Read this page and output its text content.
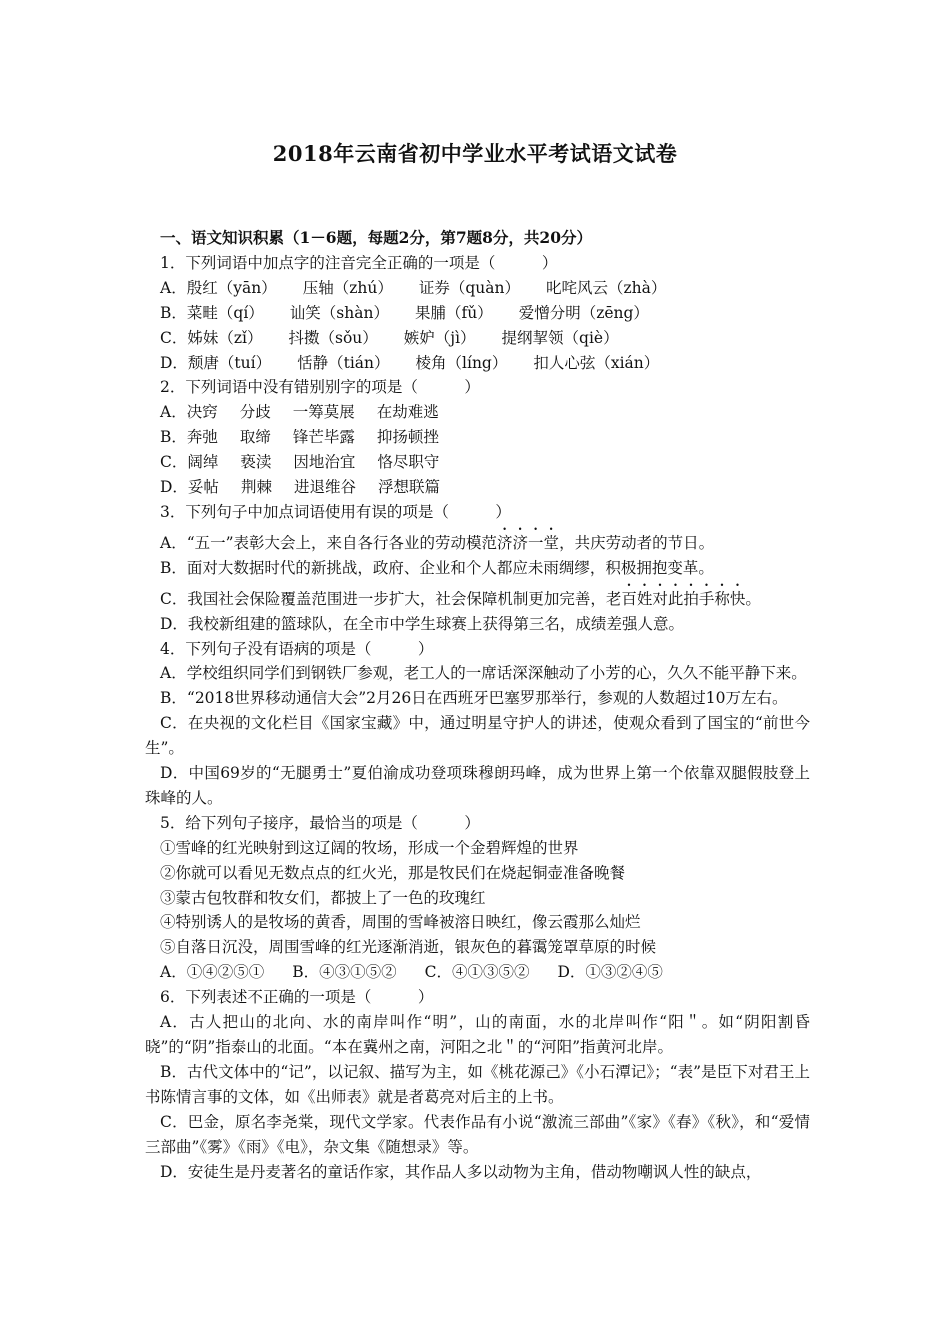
2018年云南省初中学业水平考试语文试卷
一、语文知识积累（1－6题，每题2分，第7题8分，共20分）
1．下列词语中加点字的注音完全正确的一项是（　　　）
A．殷红（yān） 压轴（zhú） 证券（quàn） 叱咤风云（zhà）
B．菜畦（qí） 讪笑（shàn） 果脯（fǔ） 爱憎分明（zēng）
C．姊妹（zǐ） 抖擞（sǒu） 嫉妒（jì） 提纲挈领（qiè）
D．颓唐（tuí） 恬静（tián） 棱角（líng） 扣人心弦（xián）
2．下列词语中没有错别别字的项是（　　　）
A．决窍 分歧 一筹莫展 在劫难逃
B．奔弛 取缔 锋芒毕露 抑扬顿挫
C．阔绰 亵渎 因地治宜 恪尽职守
D．妥帖 荆棘 进退维谷 浮想联篇
3．下列句子中加点词语使用有误的项是（　　　）
A．“五一”表彰大会上，来自各行各业的劳动模范济济一堂，共庆劳动者的节日。
B．面对大数据时代的新挑战，政府、企业和个人都应未雨绸缪，积极拥抱变革。
C．我国社会保险覆盖范围进一步扩大，社会保障机制更加完善，老百姓对此拍手称快。
D．我校新组建的篮球队，在全市中学生球赛上获得第三名，成绩差强人意。
4．下列句子没有语病的项是（　　　）
A．学校组织同学们到钢铁厂参观，老工人的一席话深深触动了小芳的心，久久不能平静下来。
B．“2018世界移动通信大会”2月26日在西班牙巴塞罗那举行，参观的人数超过10万左右。
C．在央视的文化栏目《国家宝藏》中，通过明星守护人的讲述，使观众看到了国宝的“前世今生”。
D．中国69岁的“无腿勇士”夏伯渝成功登项珠穆朗玛峰，成为世界上第一个依靠双腿假肢登上珠峰的人。
5．给下列句子接序，最恰当的项是（　　　）
①雪峰的红光映射到这辽阔的牧场，形成一个金碧辉煌的世界
②你就可以看见无数点点的红火光，那是牧民们在烧起铜壶准备晚餐
③蒙古包牧群和牧女们，都披上了一色的玫瑰红
④特别诱人的是牧场的黄香，周围的雪峰被溶日映红，像云霞那么灿烂
⑤自落日沉没，周围雪峰的红光逐渐消逝，银灰色的暮霭笼罩草原的时候
A．①④②⑤① B．④③①⑤② C．④①③⑤② D．①③②④⑤
6．下列表述不正确的一项是（　　　）
A．古人把山的北向、水的南岸叫作“明”，山的南面，水的北岸叫作“阳＂。如“阴阳割昏晓”的“阴”指泰山的北面。“本在冀州之南，河阳之北＂的“河阳”指黄河北岸。
B．古代文体中的“记”，以记叙、描写为主，如《桃花源己》《小石潭记》；“表”是臣下对君王上书陈情言事的文体，如《出师表》就是者葛亮对后主的上书。
C．巴金，原名李尧棠，现代文学家。代表作品有小说“激流三部曲”《家》《春》《秋》，和“爱情三部曲”《雾》《雨》《电》，杂文集《随想录》等。
D．安徒生是丹麦著名的童话作家，其作品人多以动物为主角，借动物嘲讽人性的缺点，
